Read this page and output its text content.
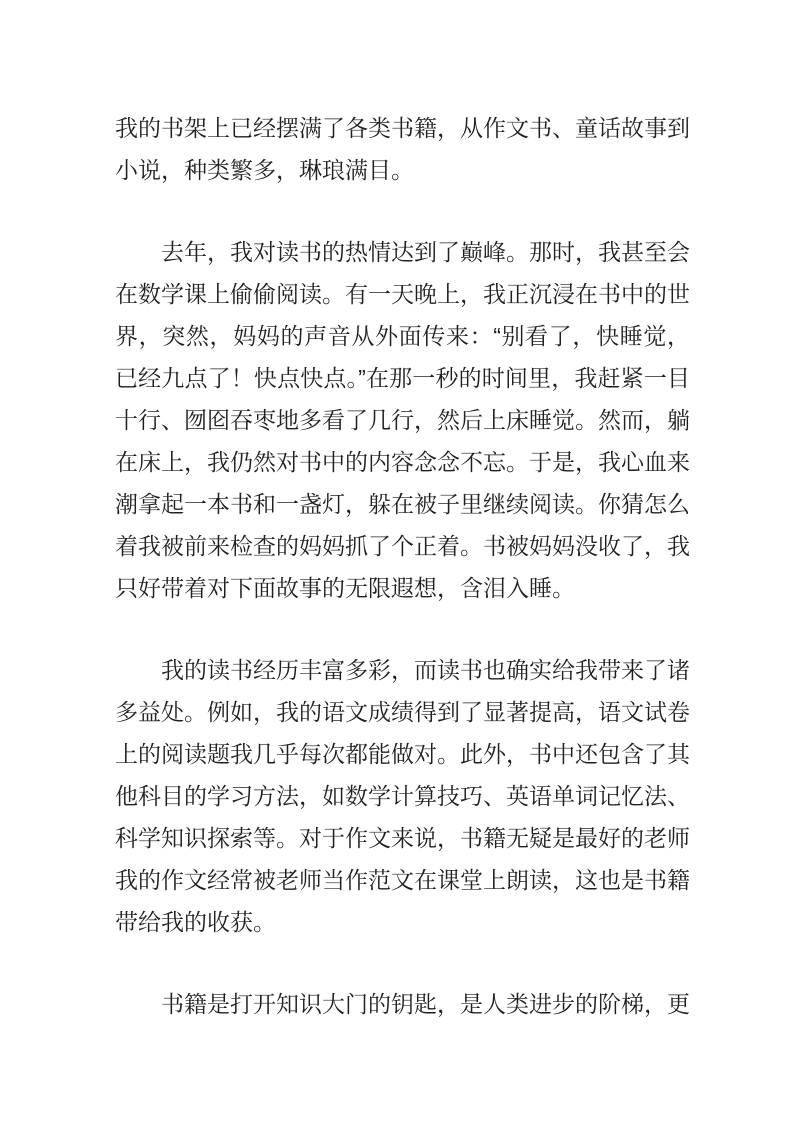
我的书架上已经摆满了各类书籍，从作文书、童话故事到小说，种类繁多，琳琅满目。

去年，我对读书的热情达到了巅峰。那时，我甚至会在数学课上偷偷阅读。有一天晚上，我正沉浸在书中的世界，突然，妈妈的声音从外面传来：“别看了，快睡觉，已经九点了！快点快点。”在那一秒的时间里，我赶紧一目十行、囫囵吞枣地多看了几行，然后上床睡觉。然而，躺在床上，我仍然对书中的内容念念不忘。于是，我心血来潮拿起一本书和一盏灯，躲在被子里继续阅读。你猜怎么着我被前来检查的妈妈抓了个正着。书被妈妈没收了，我只好带着对下面故事的无限遐想，含泪入睡。

我的读书经历丰富多彩，而读书也确实给我带来了诸多益处。例如，我的语文成绩得到了显著提高，语文试卷上的阅读题我几乎每次都能做对。此外，书中还包含了其他科目的学习方法，如数学计算技巧、英语单词记忆法、科学知识探索等。对于作文来说，书籍无疑是最好的老师我的作文经常被老师当作范文在课堂上朗读，这也是书籍带给我的收获。

书籍是打开知识大门的钥匙，是人类进步的阶梯，更
